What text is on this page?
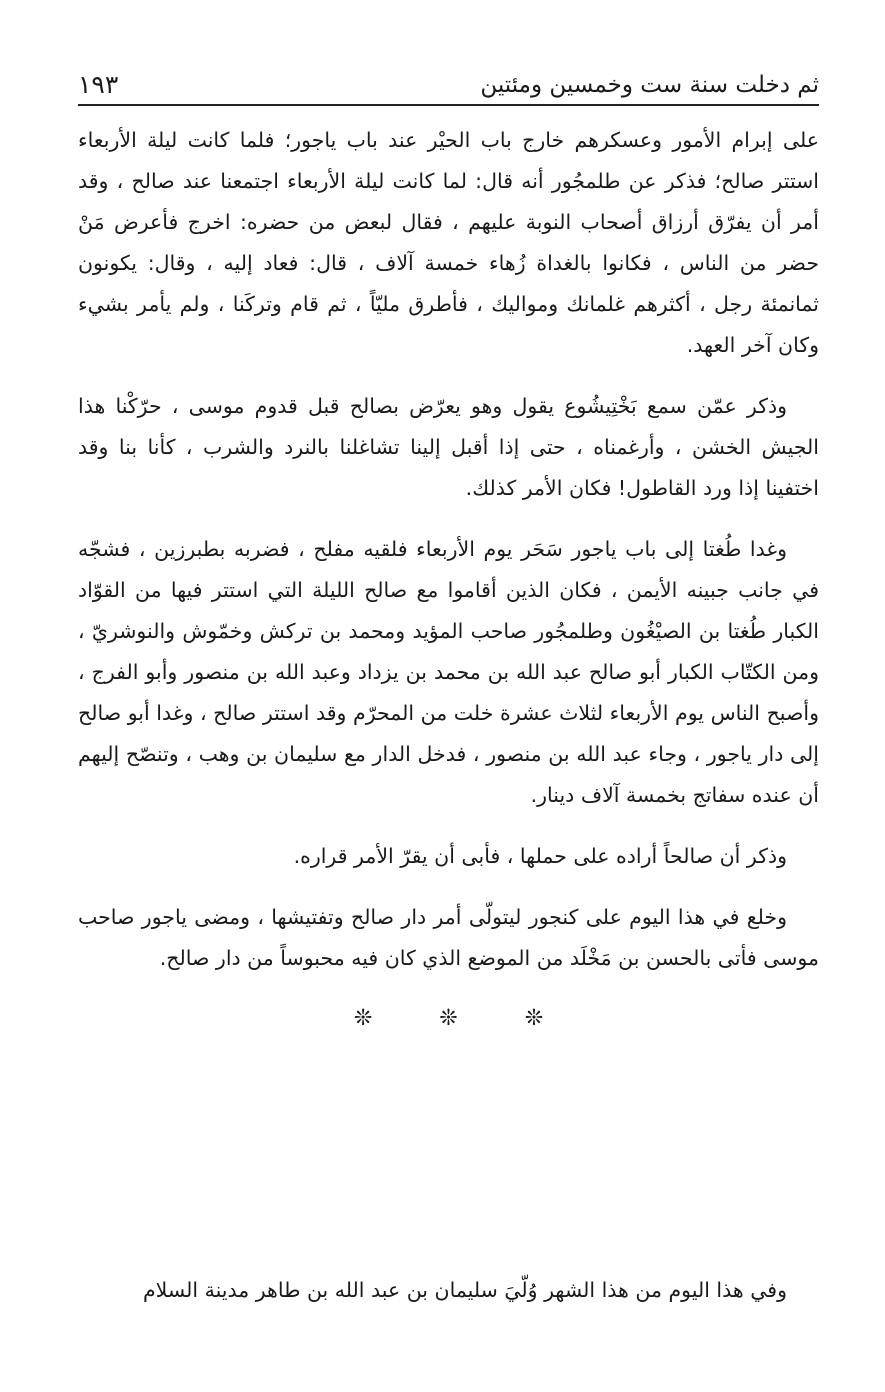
ثم دخلت سنة ست وخمسين ومئتين
١٩٣

على إبرام الأمور وعسكرهم خارج باب الحيْر عند باب ياجور؛ فلما كانت ليلة الأربعاء استتر صالح؛ فذكر عن طلمجُور أنه قال: لما كانت ليلة الأربعاء اجتمعنا عند صالح ، وقد أمر أن يفرّق أرزاق أصحاب النوبة عليهم ، فقال لبعض من حضره: اخرج فأعرض مَنْ حضر من الناس ، فكانوا بالغداة زُهاء خمسة آلاف ، قال: فعاد إليه ، وقال: يكونون ثمانمئة رجل ، أكثرهم غلمانك ومواليك ، فأطرق مليّاً ، ثم قام وتركَنا ، ولم يأمر بشيء وكان آخر العهد.

وذكر عمّن سمع بَخْتِيشُوع يقول وهو يعرّض بصالح قبل قدوم موسى ، حرّكْنا هذا الجيش الخشن ، وأرغمناه ، حتى إذا أقبل إلينا تشاغلنا بالنرد والشرب ، كأنا بنا وقد اختفينا إذا ورد القاطول! فكان الأمر كذلك.

وغدا طُغتا إلى باب ياجور سَحَر يوم الأربعاء فلقيه مفلح ، فضربه بطبرزين ، فشجّه في جانب جبينه الأيمن ، فكان الذين أقاموا مع صالح الليلة التي استتر فيها من القوّاد الكبار طُغتا بن الصيْغُون وطلمجُور صاحب المؤيد ومحمد بن تركش وخمّوش والنوشريّ ، ومن الكتّاب الكبار أبو صالح عبد الله بن محمد بن يزداد وعبد الله بن منصور وأبو الفرج ، وأصبح الناس يوم الأربعاء لثلاث عشرة خلت من المحرّم وقد استتر صالح ، وغدا أبو صالح إلى دار ياجور ، وجاء عبد الله بن منصور ، فدخل الدار مع سليمان بن وهب ، وتنصّح إليهم أن عنده سفاتج بخمسة آلاف دينار.

وذكر أن صالحاً أراده على حملها ، فأبى أن يقرّ الأمر قراره.

وخلع في هذا اليوم على كنجور ليتولّى أمر دار صالح وتفتيشها ، ومضى ياجور صاحب موسى فأتى بالحسن بن مَخْلَد من الموضع الذي كان فيه محبوساً من دار صالح.

❊ ❊ ❊

وفي هذا اليوم من هذا الشهر وُلّيَ سليمان بن عبد الله بن طاهر مدينة السلام
